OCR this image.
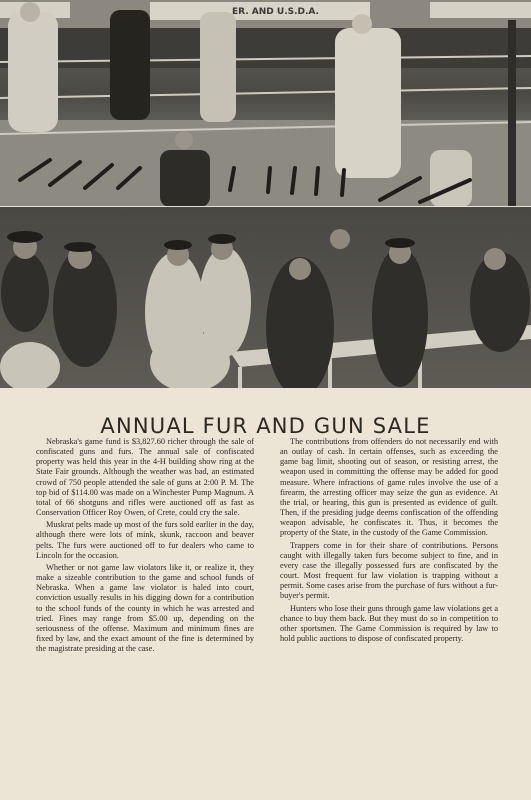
ER. AND U.S.D.A.
ANNUAL FUR AND GUN SALE

Nebraska's game fund is $3,827.60 richer through the sale of confiscated guns and furs. The annual sale of confiscated property was held this year in the 4-H building show ring at the State Fair grounds. Although the weather was bad, an estimated crowd of 750 people attended the sale of guns at 2:00 P. M. The top bid of $114.00 was made on a Winchester Pump Magnum. A total of 66 shotguns and rifles were auctioned off as fast as Conservation Officer Roy Owen, of Crete, could cry the sale.

Muskrat pelts made up most of the furs sold earlier in the day, although there were lots of mink, skunk, raccoon and beaver pelts. The furs were auctioned off to fur dealers who came to Lincoln for the occasion.

Whether or not game law violators like it, or realize it, they make a sizeable contribution to the game and school funds of Nebraska. When a game law violator is haled into court, conviction usually results in his digging down for a contribution to the school funds of the county in which he was arrested and tried. Fines may range from $5.00 up, depending on the seriousness of the offense. Maximum and minimum fines are fixed by law, and the exact amount of the fine is determined by the magistrate presiding at the case.

The contributions from offenders do not necessarily end with an outlay of cash. In certain offenses, such as exceeding the game bag limit, shooting out of season, or resisting arrest, the weapon used in committing the offense may be added for good measure. Where infractions of game rules involve the use of a firearm, the arresting officer may seize the gun as evidence. At the trial, or hearing, this gun is presented as evidence of guilt. Then, if the presiding judge deems confiscation of the offending weapon advisable, he confiscates it. Thus, it becomes the property of the State, in the custody of the Game Commission.

Trappers come in for their share of contributions. Persons caught with illegally taken furs become subject to fine, and in every case the illegally possessed furs are confiscated by the court. Most frequent fur law violation is trapping without a permit. Some cases arise from the purchase of furs without a fur-buyer's permit.

Hunters who lose their guns through game law violations get a chance to buy them back. But they must do so in competition to other sportsmen. The Game Commission is required by law to hold public auctions to dispose of confiscated property.
